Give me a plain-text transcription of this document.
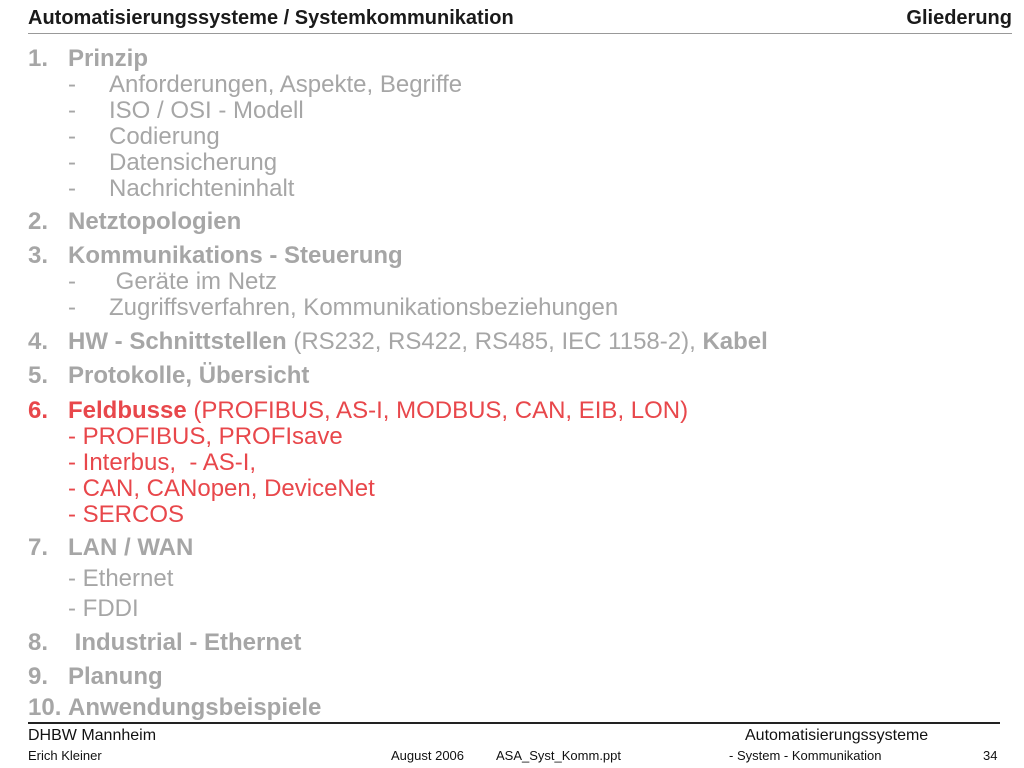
Automatisierungssysteme / Systemkommunikation	Gliederung
1. Prinzip
- Anforderungen, Aspekte, Begriffe
- ISO / OSI - Modell
- Codierung
- Datensicherung
- Nachrichteninhalt
2. Netztopologien
3. Kommunikations - Steuerung
- Geräte im Netz
- Zugriffsverfahren, Kommunikationsbeziehungen
4. HW - Schnittstellen (RS232, RS422, RS485, IEC 1158-2), Kabel
5. Protokolle, Übersicht
6. Feldbusse (PROFIBUS, AS-I, MODBUS, CAN, EIB, LON)
- PROFIBUS, PROFIsave
- Interbus,  - AS-I,
- CAN, CANopen, DeviceNet
- SERCOS
7. LAN / WAN
- Ethernet
- FDDI
8. Industrial - Ethernet
9. Planung
10. Anwendungsbeispiele
DHBW Mannheim
Erich Kleiner	August 2006 ASA_Syst_Komm.ppt
Automatisierungssysteme
- System - Kommunikation	34
